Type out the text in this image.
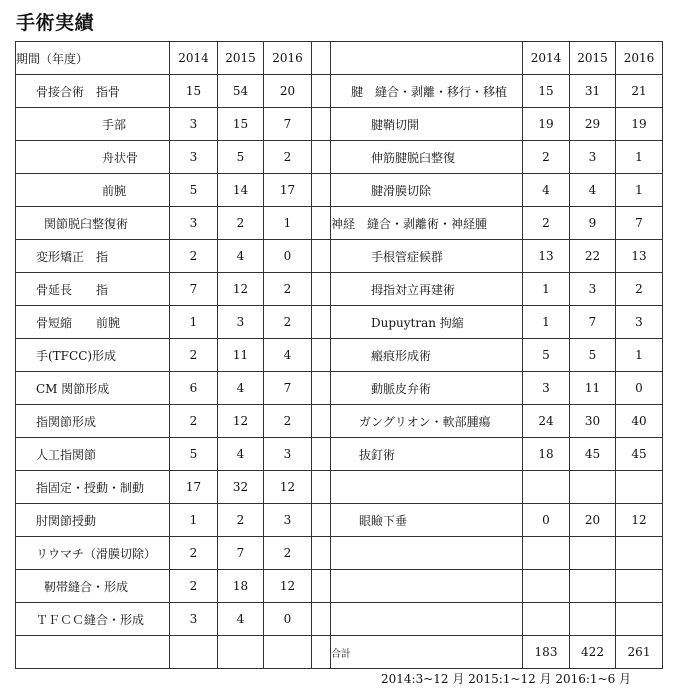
手術実績
期間（年度）	2014	2015	2016			2014	2015	2016
骨接合術　指骨	15	54	20		腱　縫合・剥離・移行・移植	15	31	21
手部	3	15	7		腱鞘切開	19	29	19
舟状骨	3	5	2		伸筋腱脱臼整復	2	3	1
前腕	5	14	17		腱滑膜切除	4	4	1
関節脱臼整復術	3	2	1		神経　縫合・剥離術・神経腫	2	9	7
変形矯正　指	2	4	0		手根管症候群	13	22	13
骨延長　　指	7	12	2		拇指対立再建術	1	3	2
骨短縮　　前腕	1	3	2		Dupuytran 拘縮	1	7	3
手(TFCC)形成	2	11	4		瘢痕形成術	5	5	1
CM 関節形成	6	4	7		動脈皮弁術	3	11	0
指関節形成	2	12	2		ガングリオン・軟部腫瘍	24	30	40
人工指関節	5	4	3		抜釘術	18	45	45
指固定・授動・制動	17	32	12					
肘関節授動	1	2	3		眼瞼下垂	0	20	12
リウマチ（滑膜切除）	2	7	2					
靭帯縫合・形成	2	18	12					
ＴＦＣＣ縫合・形成	3	4	0					
					合計	183	422	261
2014:3~12 月 2015:1~12 月 2016:1~6 月
